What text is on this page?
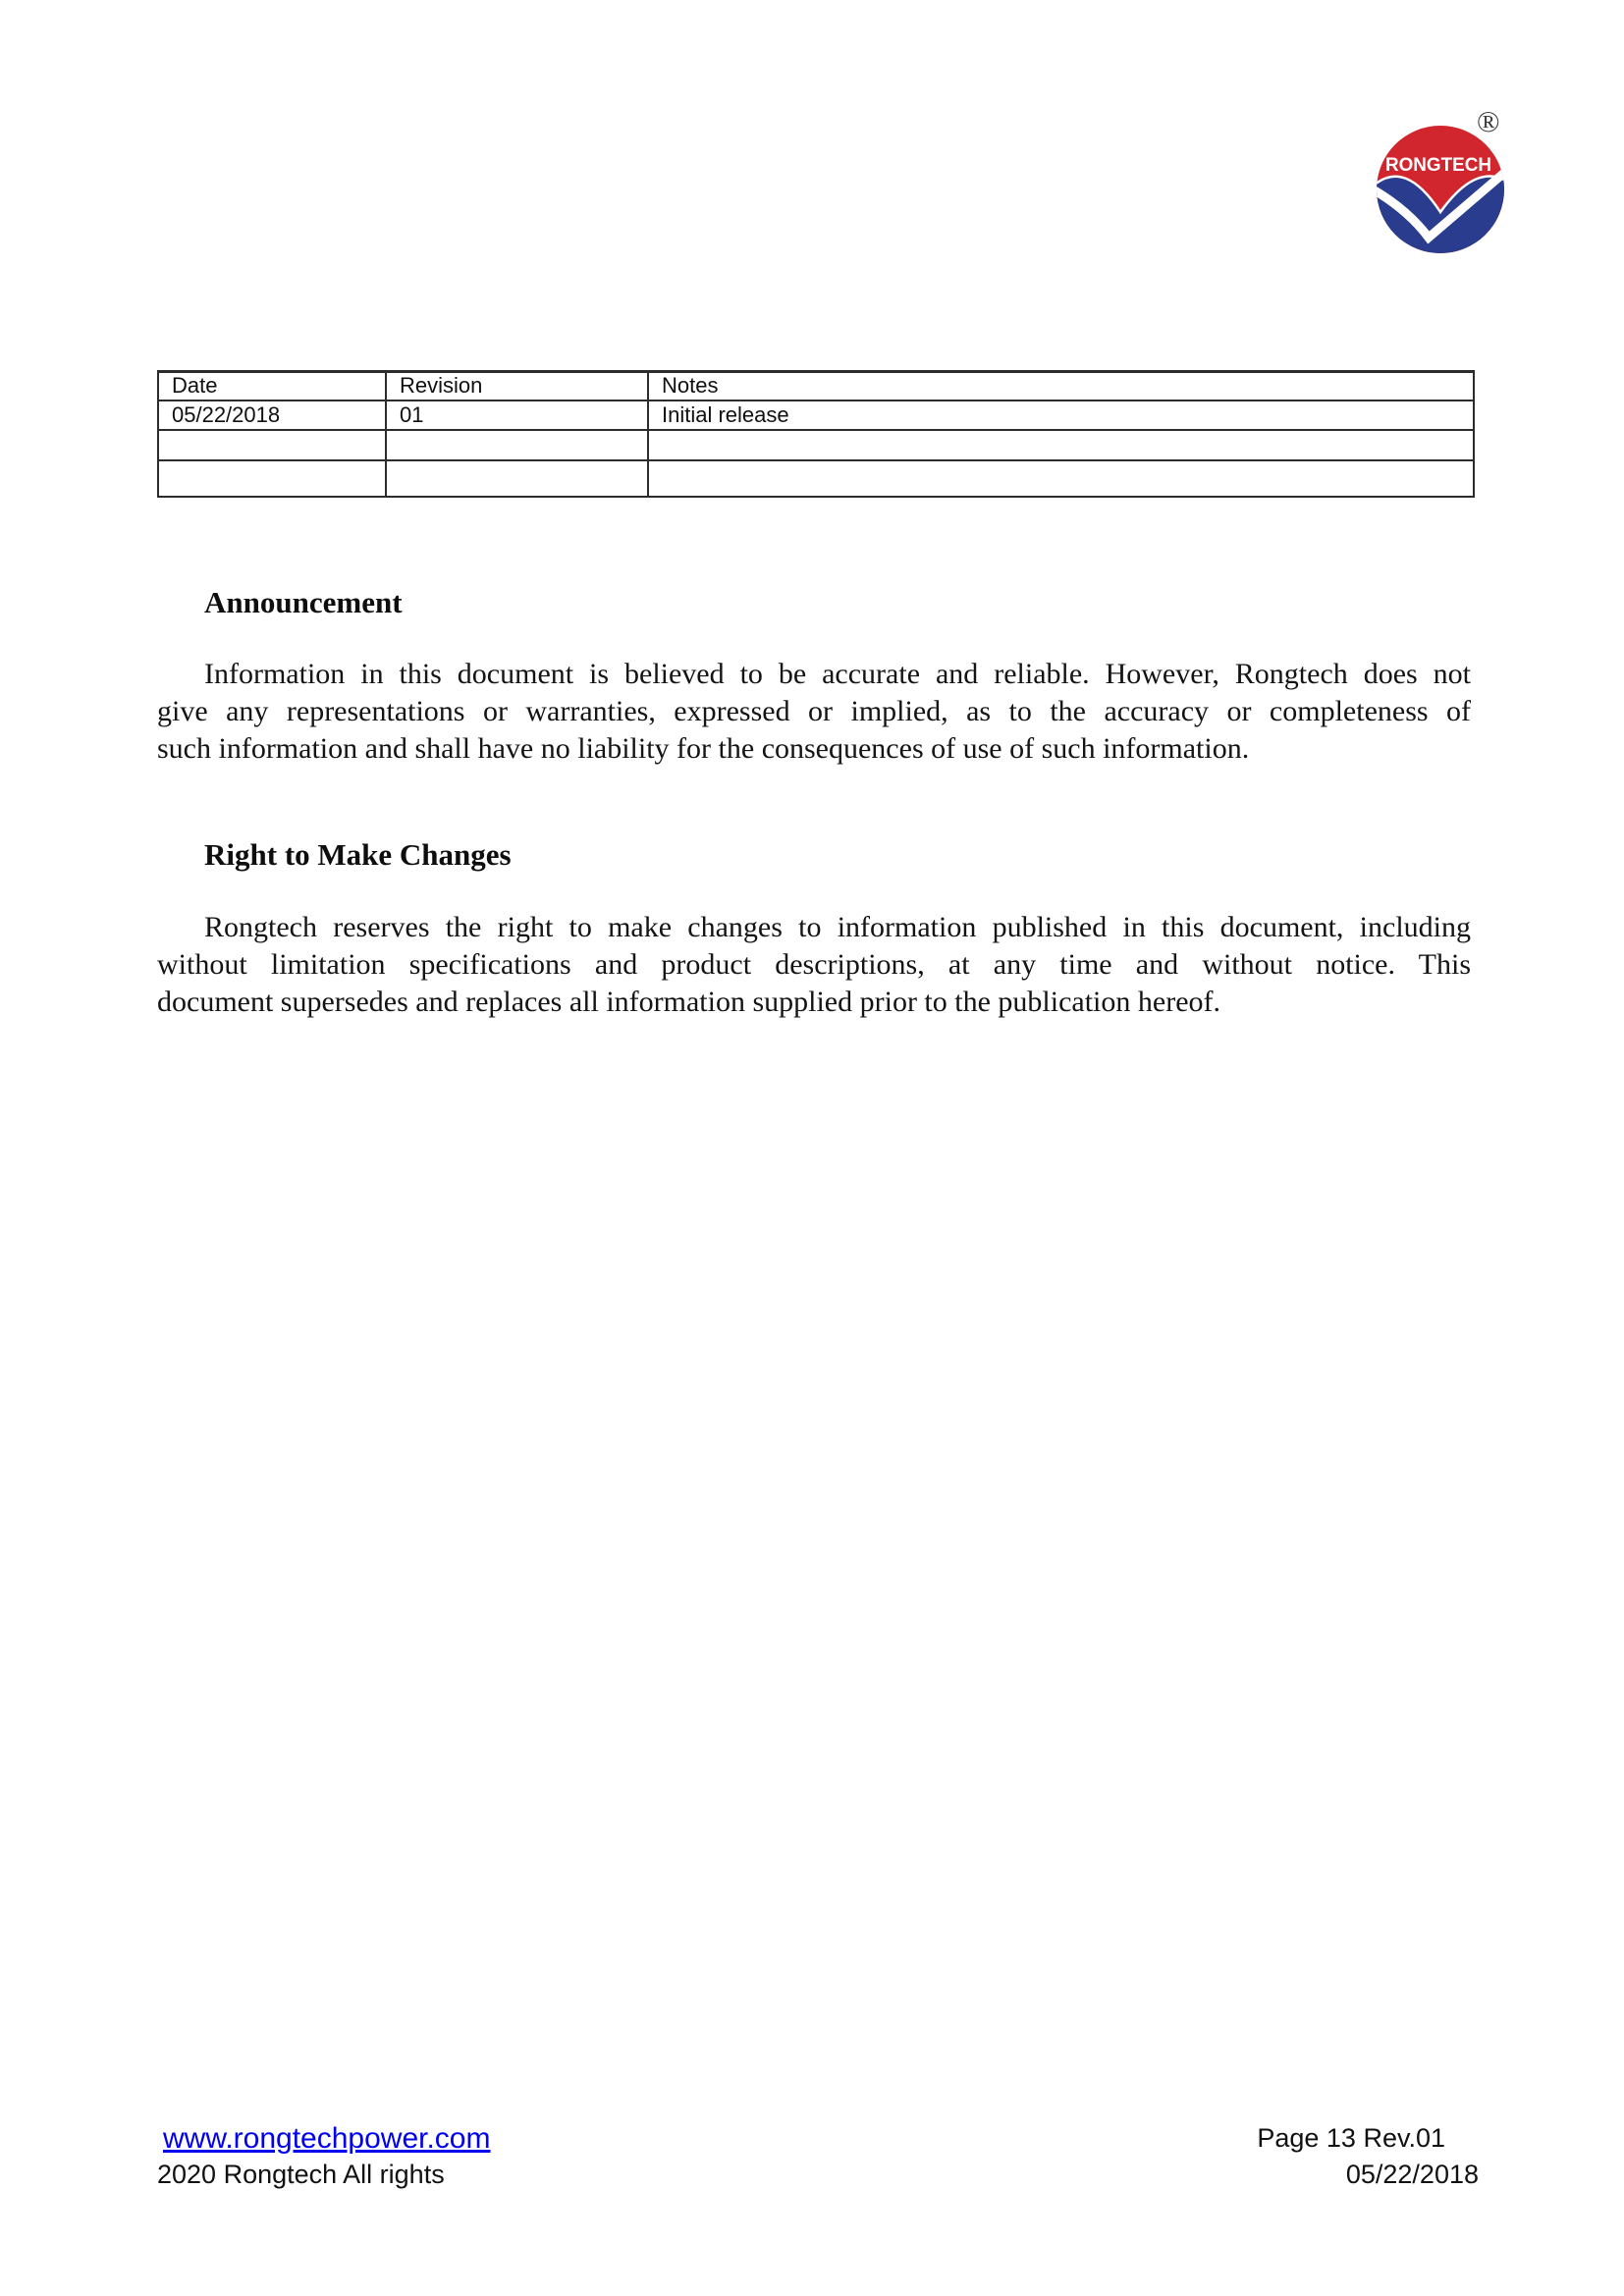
RONGTECH
®
Date	Revision	Notes
05/22/2018	01	Initial release

Announcement
Information in this document is believed to be accurate and reliable. However, Rongtech does not
give any representations or warranties, expressed or implied, as to the accuracy or completeness of
such information and shall have no liability for the consequences of use of such information.
Right to Make Changes
Rongtech reserves the right to make changes to information published in this document, including
without limitation specifications and product descriptions, at any time and without notice. This
document supersedes and replaces all information supplied prior to the publication hereof.
www.rongtechpower.com
2020 Rongtech All rights
Page 13 Rev.01
05/22/2018
